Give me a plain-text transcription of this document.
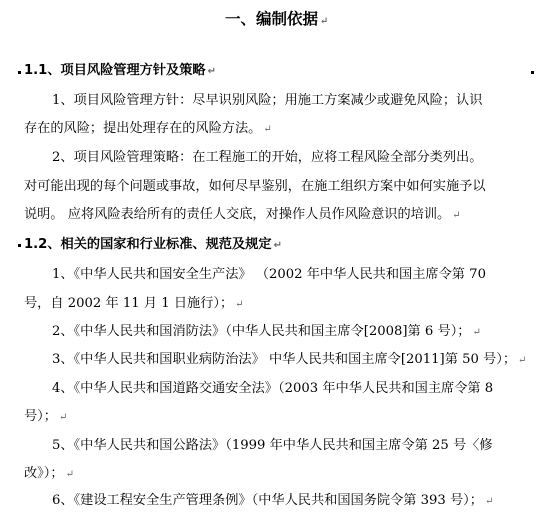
一、编制依据 ↵
1.1、项目风险管理方针及策略 ↵
1、项目风险管理方针：尽早识别风险；用施工方案减少或避免风险；认识
存在的风险；提出处理存在的风险方法。 ↵
2、项目风险管理策略：在工程施工的开始，应将工程风险全部分类列出。
对可能出现的每个问题或事故，如何尽早鉴别，在施工组织方案中如何实施予以
说明。 应将风险表给所有的责任人交底，对操作人员作风险意识的培训。 ↵
1.2、相关的国家和行业标准、规范及规定 ↵
1、《中华人民共和国安全生产法》 （2002 年中华人民共和国主席令第 70
号，自 2002 年 11 月 1 日施行）； ↵
2、《中华人民共和国消防法》（中华人民共和国主席令[2008]第 6 号）； ↵
3、《中华人民共和国职业病防治法》 中华人民共和国主席令[2011]第 50 号）； ↵
4、《中华人民共和国道路交通安全法》（2003 年中华人民共和国主席令第 8
号）； ↵
5、《中华人民共和国公路法》（1999 年中华人民共和国主席令第 25 号〈修
改》）； ↵
6、《建设工程安全生产管理条例》（中华人民共和国国务院令第 393 号）； ↵
